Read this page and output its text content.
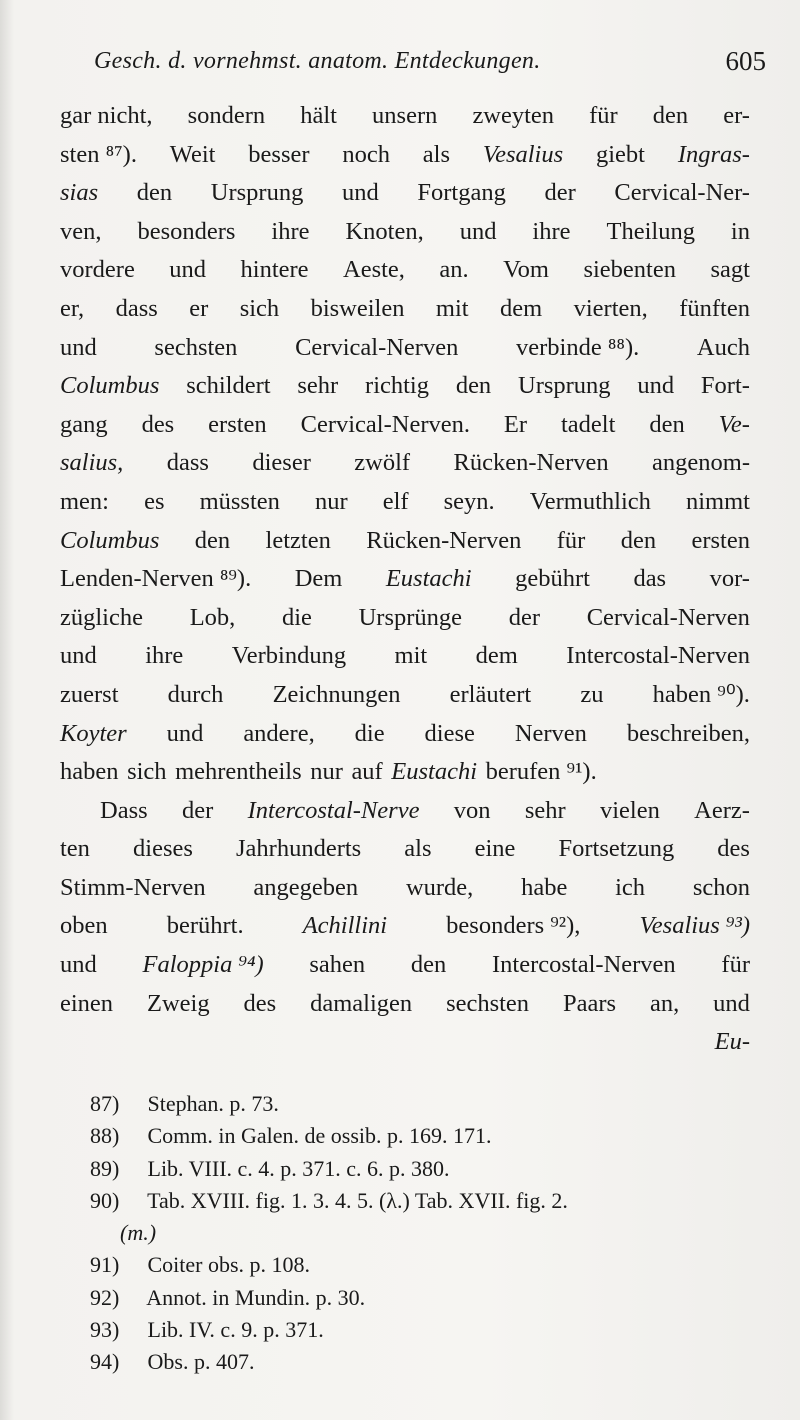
Gesch. d. vornehmst. anatom. Entdeckungen.	605
gar nicht, sondern hält unsern zweyten für den er-
sten ⁸⁷). Weit besser noch als Vesalius giebt Ingras-
sias den Ursprung und Fortgang der Cervical-Ner-
ven, besonders ihre Knoten, und ihre Theilung in
vordere und hintere Aeste, an. Vom siebenten sagt
er, dass er sich bisweilen mit dem vierten, fünften
und sechsten Cervical-Nerven verbinde ⁸⁸). Auch
Columbus schildert sehr richtig den Ursprung und Fort-
gang des ersten Cervical-Nerven. Er tadelt den Ve-
salius, dass dieser zwölf Rücken-Nerven angenom-
men: es müssten nur elf seyn. Vermuthlich nimmt
Columbus den letzten Rücken-Nerven für den ersten
Lenden-Nerven ⁸⁹). Dem Eustachi gebührt das vor-
zügliche Lob, die Ursprünge der Cervical-Nerven
und ihre Verbindung mit dem Intercostal-Nerven
zuerst durch Zeichnungen erläutert zu haben ⁹⁰).
Koyter und andere, die diese Nerven beschreiben,
haben sich mehrentheils nur auf Eustachi berufen ⁹¹).
Dass der Intercostal-Nerve von sehr vielen Aerz-
ten dieses Jahrhunderts als eine Fortsetzung des
Stimm-Nerven angegeben wurde, habe ich schon
oben berührt. Achillini besonders ⁹²), Vesalius ⁹³)
und Faloppia ⁹⁴) sahen den Intercostal-Nerven für
einen Zweig des damaligen sechsten Paars an, und
Eu-
87) Stephan. p. 73.
88) Comm. in Galen. de ossib. p. 169. 171.
89) Lib. VIII. c. 4. p. 371. c. 6. p. 380.
90) Tab. XVIII. fig. 1. 3. 4. 5. (λ.) Tab. XVII. fig. 2.
(m.)
91) Coiter obs. p. 108.
92) Annot. in Mundin. p. 30.
93) Lib. IV. c. 9. p. 371.
94) Obs. p. 407.
